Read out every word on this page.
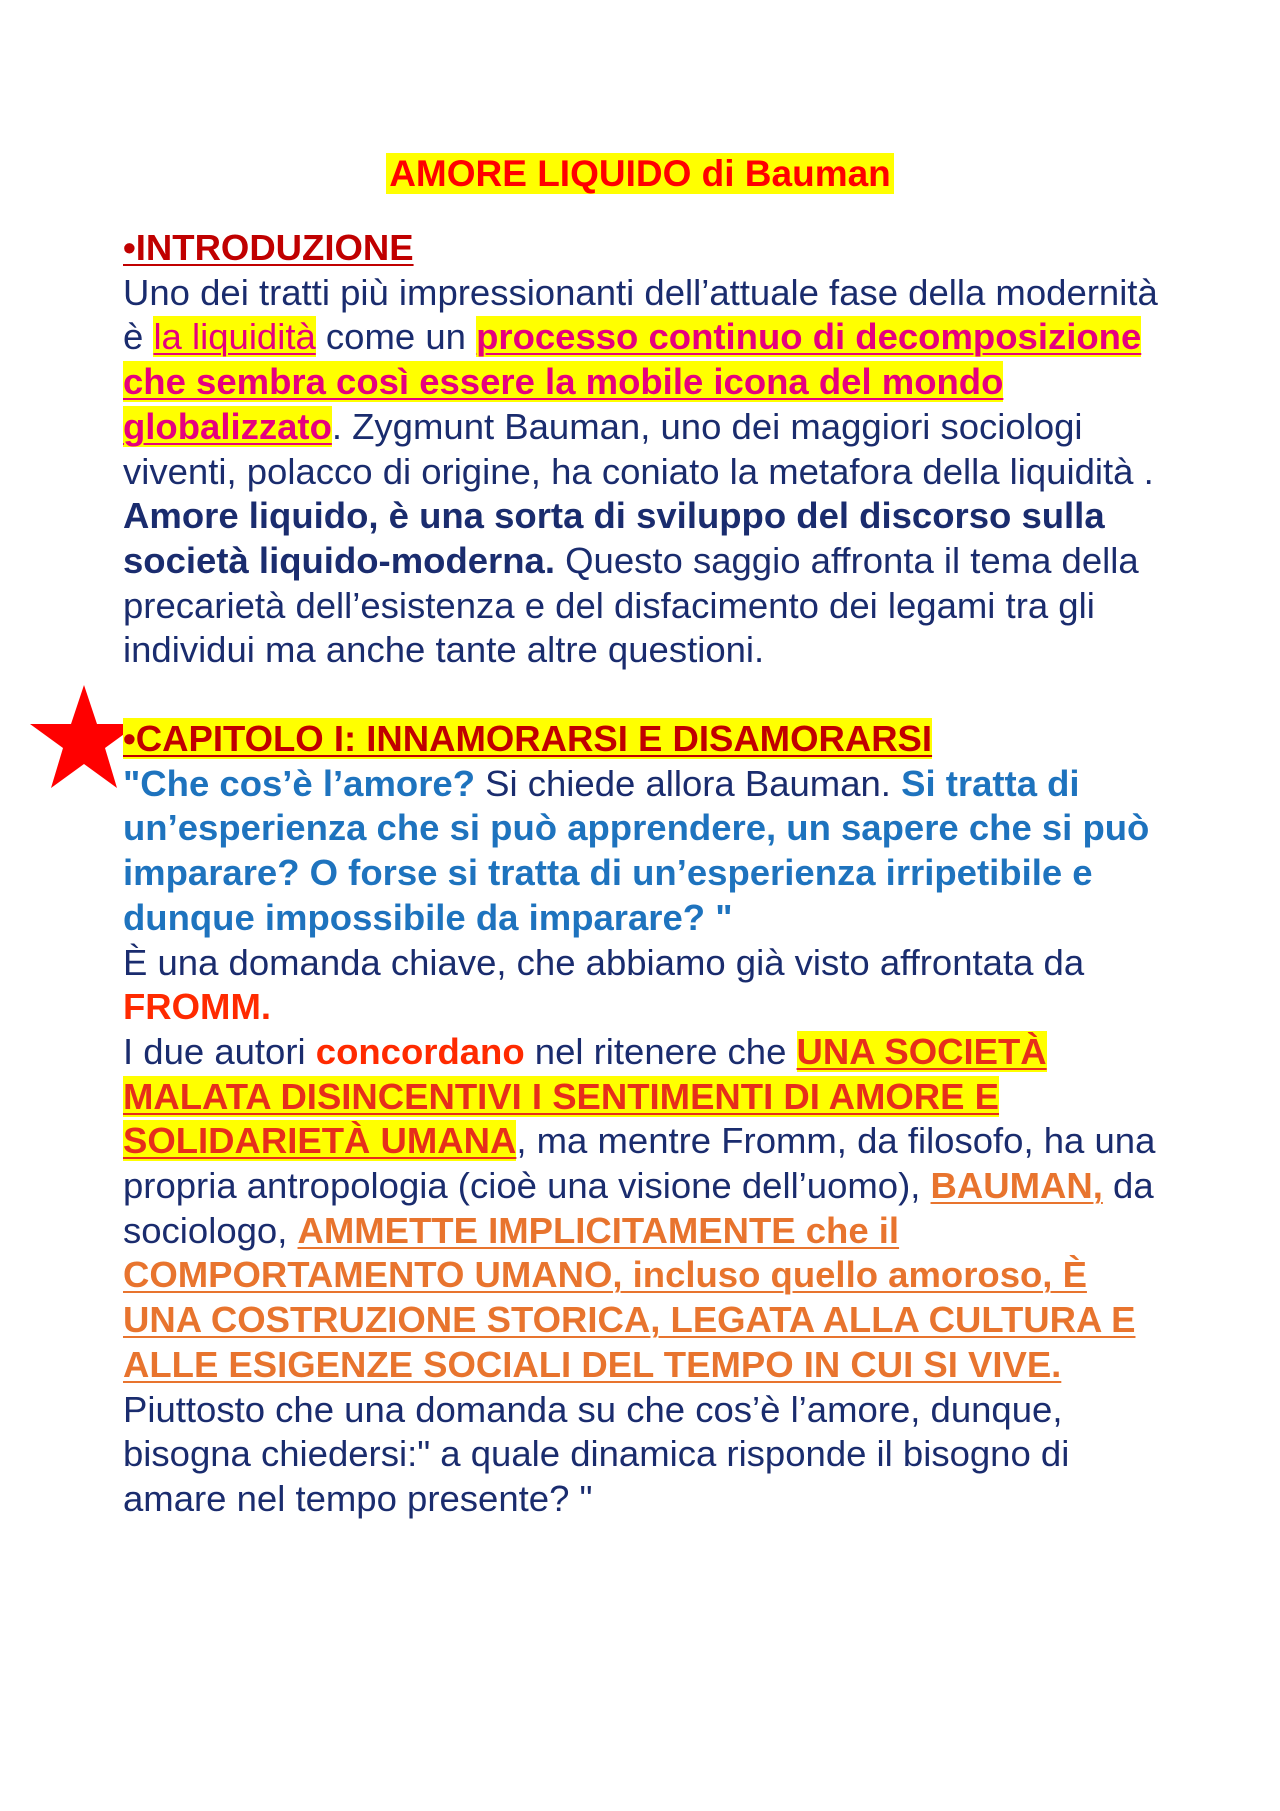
AMORE LIQUIDO di Bauman

•INTRODUZIONE

Uno dei tratti più impressionanti dell’attuale fase della modernità è la liquidità come un processo continuo di decomposizione che sembra così essere la mobile icona del mondo globalizzato. Zygmunt Bauman, uno dei maggiori sociologi viventi, polacco di origine, ha coniato la metafora della liquidità .

Amore liquido, è una sorta di sviluppo del discorso sulla società liquido-moderna. Questo saggio affronta il tema della precarietà dell’esistenza e del disfacimento dei legami tra gli individui ma anche tante altre questioni.

•CAPITOLO I: INNAMORARSI E DISAMORARSI

"Che cos’è l’amore? Si chiede allora Bauman. Si tratta di un’esperienza che si può apprendere, un sapere che si può imparare? O forse si tratta di un’esperienza irripetibile e dunque impossibile da imparare? "

È una domanda chiave, che abbiamo già visto affrontata da FROMM.

I due autori concordano nel ritenere che UNA SOCIETÀ MALATA DISINCENTIVI I SENTIMENTI DI AMORE E SOLIDARIETÀ UMANA, ma mentre Fromm, da filosofo, ha una propria antropologia (cioè una visione dell’uomo), BAUMAN, da sociologo, AMMETTE IMPLICITAMENTE che il COMPORTAMENTO UMANO, incluso quello amoroso, È UNA COSTRUZIONE STORICA, LEGATA ALLA CULTURA E ALLE ESIGENZE SOCIALI DEL TEMPO IN CUI SI VIVE.

Piuttosto che una domanda su che cos’è l’amore, dunque, bisogna chiedersi:" a quale dinamica risponde il bisogno di amare nel tempo presente? "
